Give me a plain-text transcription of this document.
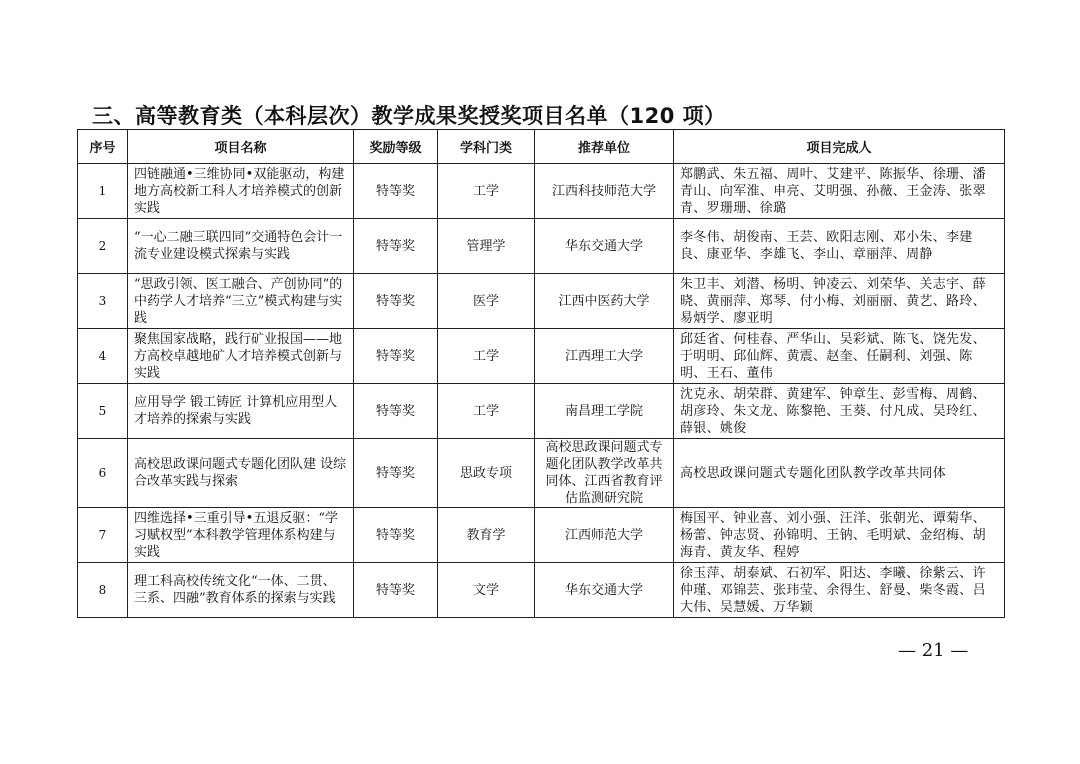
三、高等教育类（本科层次）教学成果奖授奖项目名单（120 项）
序号	项目名称	奖励等级	学科门类	推荐单位	项目完成人
1	四链融通•三维协同•双能驱动，构建地方高校新工科人才培养模式的创新实践	特等奖	工学	江西科技师范大学	郑鹏武、朱五福、周叶、艾建平、陈振华、徐珊、潘青山、向军淮、申亮、艾明强、孙薇、王金涛、张翠青、罗珊珊、徐璐
2	“一心二融三联四同”交通特色会计一流专业建设模式探索与实践	特等奖	管理学	华东交通大学	李冬伟、胡俊南、王芸、欧阳志刚、邓小朱、李建良、康亚华、李雄飞、李山、章丽萍、周静
3	“思政引领、医工融合、产创协同”的中药学人才培养“三立”模式构建与实践	特等奖	医学	江西中医药大学	朱卫丰、刘潜、杨明、钟凌云、刘荣华、关志宇、薛晓、黄丽萍、郑琴、付小梅、刘丽丽、黄艺、路玲、易炳学、廖亚明
4	聚焦国家战略，践行矿业报国——地方高校卓越地矿人才培养模式创新与实践	特等奖	工学	江西理工大学	邱廷省、何桂春、严华山、吴彩斌、陈飞、饶先发、于明明、邱仙辉、黄震、赵奎、任嗣利、刘强、陈明、王石、董伟
5	应用导学 锻工铸匠 计算机应用型人才培养的探索与实践	特等奖	工学	南昌理工学院	沈克永、胡荣群、黄建军、钟章生、彭雪梅、周鹤、胡彦玲、朱文龙、陈黎艳、王葵、付凡成、吴玲红、薛银、姚俊
6	高校思政课问题式专题化团队建 设综合改革实践与探索	特等奖	思政专项	高校思政课问题式专题化团队教学改革共同体、江西省教育评估监测研究院	高校思政课问题式专题化团队教学改革共同体
7	四维选择•三重引导•五退反驱：“学习赋权型”本科教学管理体系构建与实践	特等奖	教育学	江西师范大学	梅国平、钟业喜、刘小强、汪洋、张朝光、谭菊华、杨蕾、钟志贤、孙锦明、王钠、毛明斌、金绍梅、胡海青、黄友华、程婷
8	理工科高校传统文化“一体、二贯、三系、四融”教育体系的探索与实践	特等奖	文学	华东交通大学	徐玉萍、胡泰斌、石初军、阳达、李曦、徐紫云、许仲瑾、邓锦芸、张玮莹、余得生、舒曼、柴冬霞、吕大伟、吴慧媛、万华颖
— 21 —
